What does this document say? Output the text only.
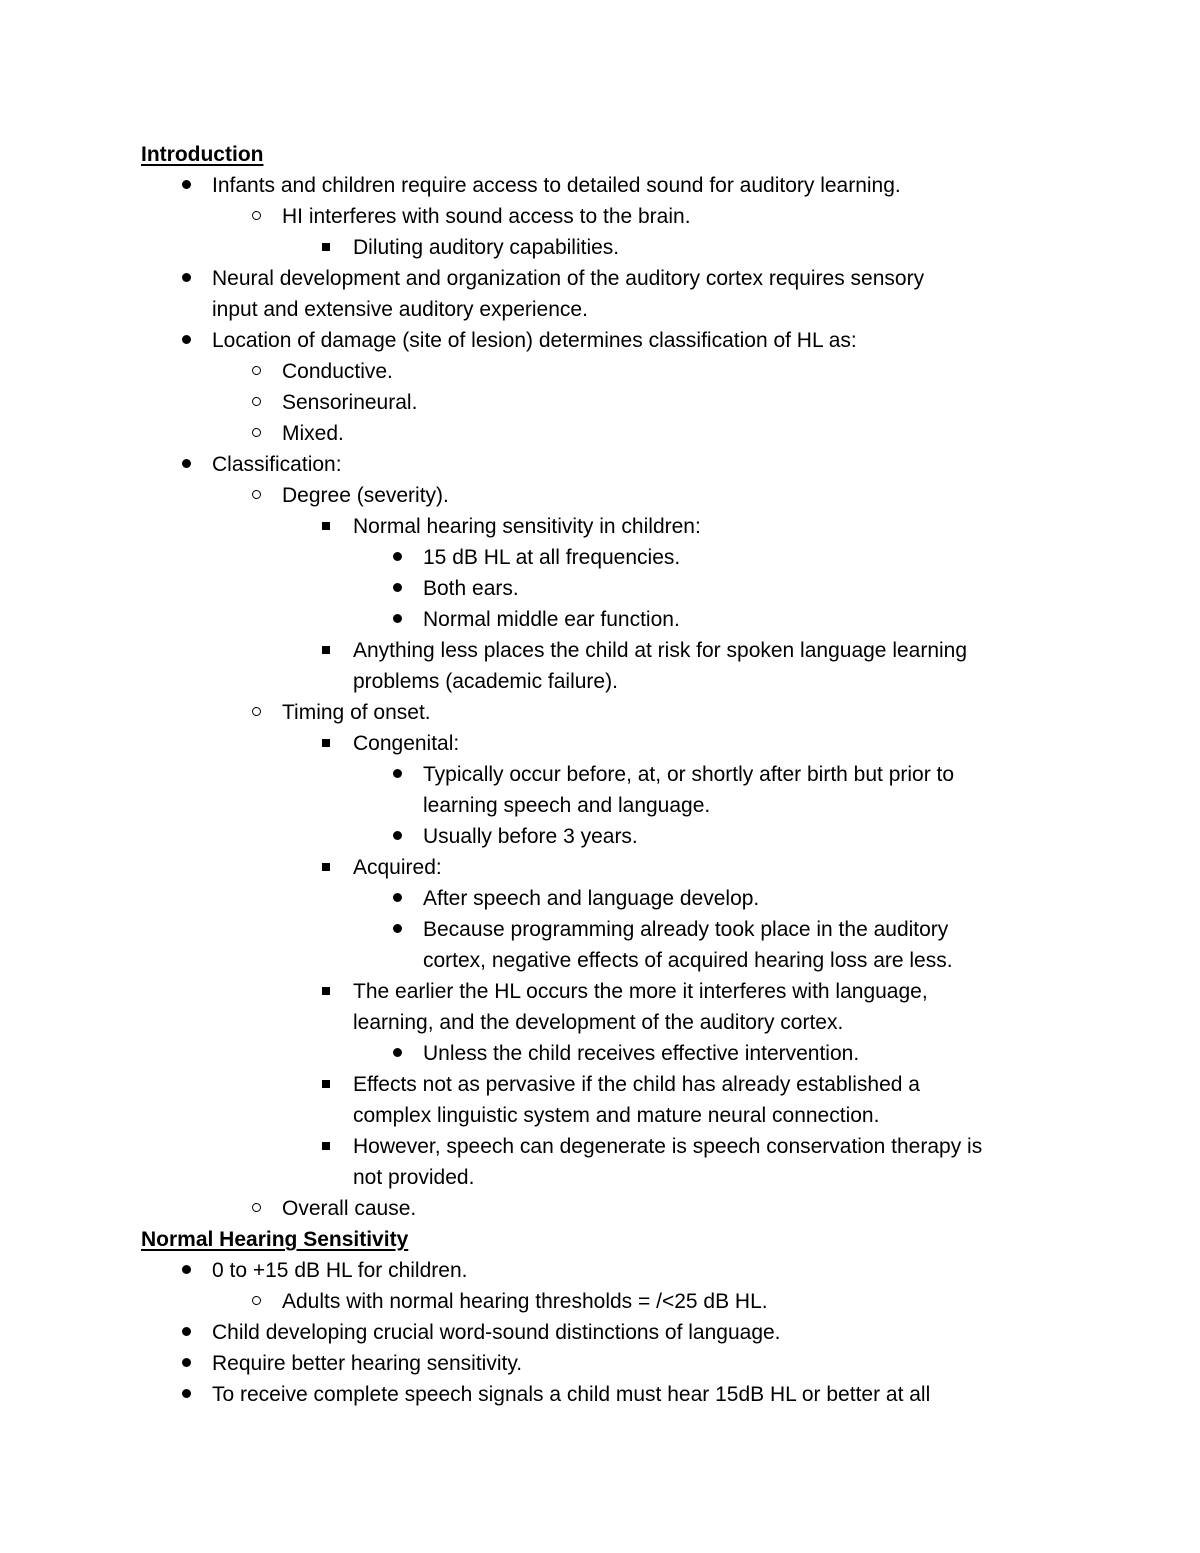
Introduction
Infants and children require access to detailed sound for auditory learning.
HI interferes with sound access to the brain.
Diluting auditory capabilities.
Neural development and organization of the auditory cortex requires sensory
input and extensive auditory experience.
Location of damage (site of lesion) determines classification of HL as:
Conductive.
Sensorineural.
Mixed.
Classification:
Degree (severity).
Normal hearing sensitivity in children:
15 dB HL at all frequencies.
Both ears.
Normal middle ear function.
Anything less places the child at risk for spoken language learning
problems (academic failure).
Timing of onset.
Congenital:
Typically occur before, at, or shortly after birth but prior to
learning speech and language.
Usually before 3 years.
Acquired:
After speech and language develop.
Because programming already took place in the auditory
cortex, negative effects of acquired hearing loss are less.
The earlier the HL occurs the more it interferes with language,
learning, and the development of the auditory cortex.
Unless the child receives effective intervention.
Effects not as pervasive if the child has already established a
complex linguistic system and mature neural connection.
However, speech can degenerate is speech conservation therapy is
not provided.
Overall cause.
Normal Hearing Sensitivity
0 to +15 dB HL for children.
Adults with normal hearing thresholds = /<25 dB HL.
Child developing crucial word-sound distinctions of language.
Require better hearing sensitivity.
To receive complete speech signals a child must hear 15dB HL or better at all
